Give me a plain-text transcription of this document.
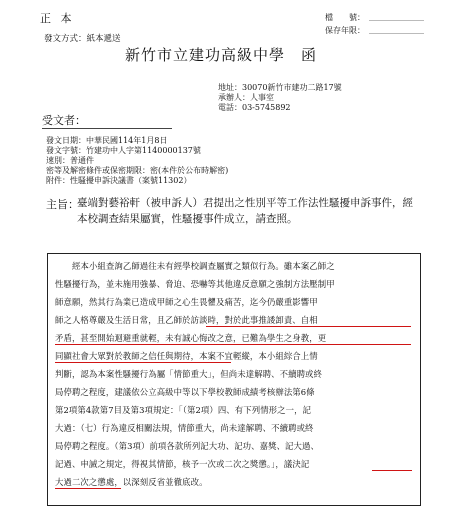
正 本
發文方式：紙本遞送
檔　　號：
保存年限：
新竹市立建功高級中學 函
地址：30070新竹市建功二路17號
承辦人：人事室
電話：03-5745892
受文者：
發文日期：中華民國114年1月8日
發文字號：竹建功中人字第1140000137號
速別：普通件
密等及解密條件或保密期限：密(本件於公布時解密)
附件：性騷擾申訴決議書（案號11302）
主旨：
臺端對藝裕軒（被申訴人）君提出之性別平等工作法性騷擾申訴事件，經本校調查結果屬實，性騷擾事件成立，請查照。
經本小組查詢乙師過往未有經學校調查屬實之類似行為。雖本案乙師之
性騷擾行為，並未施用強暴、脅迫、恐嚇等其他違反意願之強制方法壓制甲
師意願，然其行為業已造成甲師之心生畏懼及痛苦，迄今仍嚴重影響甲
師之人格尊嚴及生活日常，且乙師於訪談時，對於此事推諉卸責、自相
矛盾，甚至開始迴避重就輕，未有誠心悔改之意，已難為學生之身教，更
同顯社會大眾對於教師之信任與期待，本案不宜輕縱，本小組綜合上情
判斷，認為本案性騷擾行為屬「情節重大」，但尚未達解聘、不續聘或終
局停聘之程度，建議依公立高級中等以下學校教師成績考核辦法第6條
第2項第4款第7目及第3項規定：「（第2項）四、有下列情形之一，記
大過：（七）行為違反相關法規，情節重大，尚未達解聘、不續聘或終
局停聘之程度。（第3項）前項各款所列記大功、記功、嘉獎、記大過、
記過、申誡之規定，得視其情節，核予一次或二次之獎懲。」，議決記
大過二次之懲處，以深刻反省並徹底改。
